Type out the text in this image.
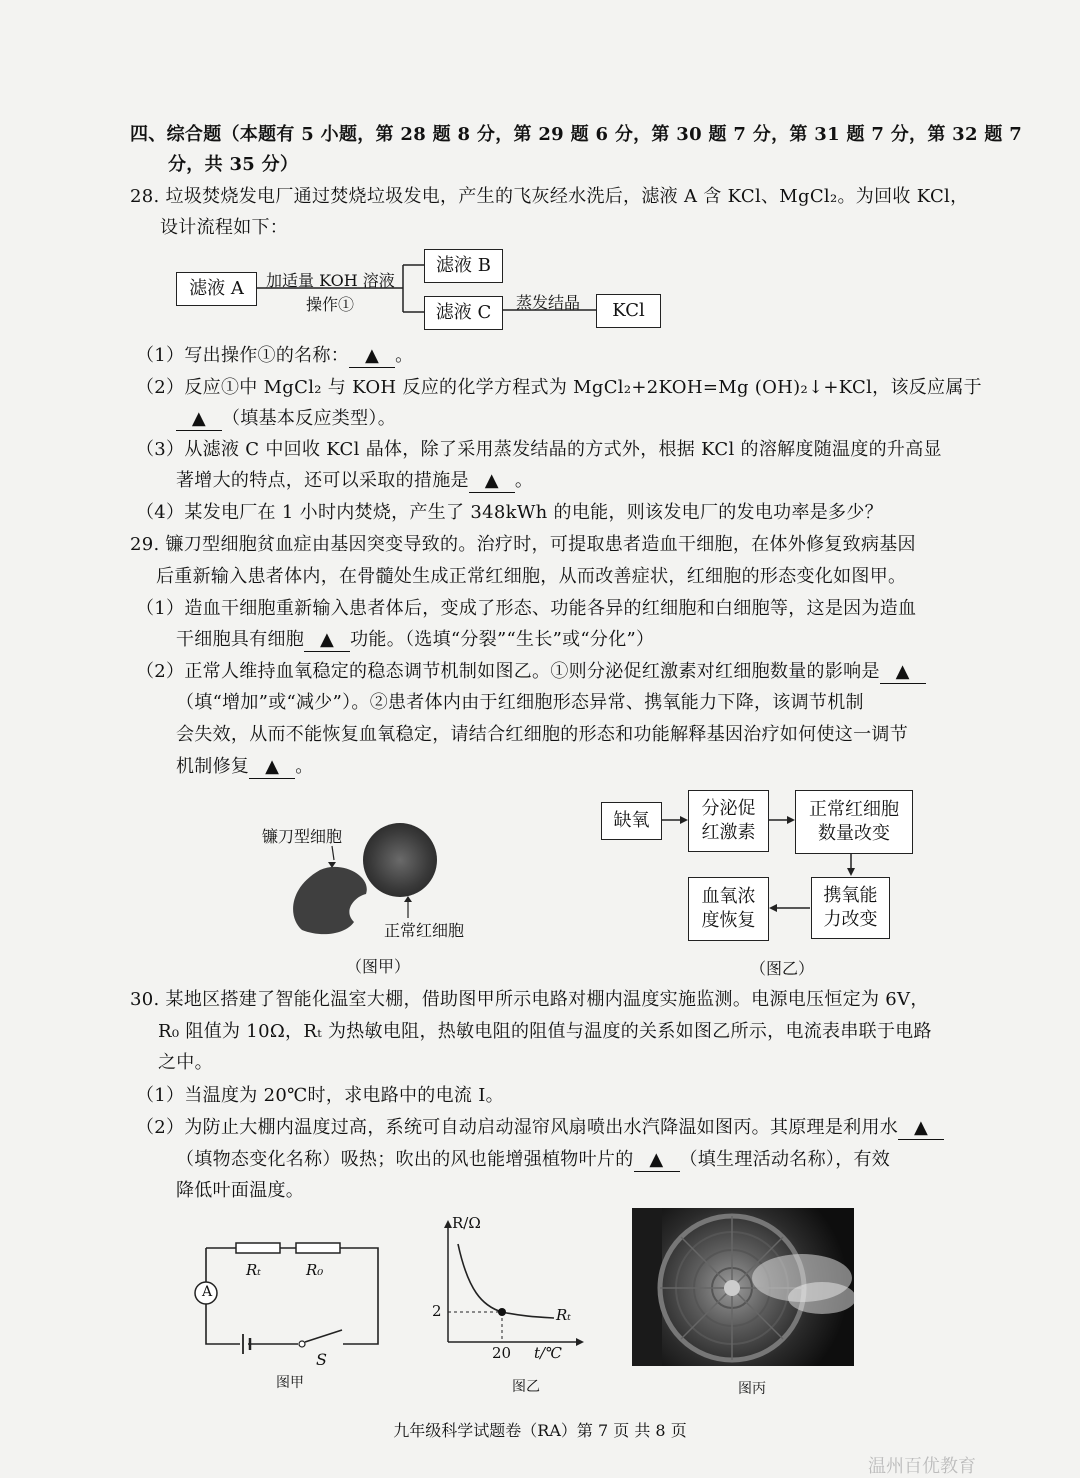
四、综合题（本题有 5 小题，第 28 题 8 分，第 29 题 6 分，第 30 题 7 分，第 31 题 7 分，第 32 题 7
分，共 35 分）
28. 垃圾焚烧发电厂通过焚烧垃圾发电，产生的飞灰经水洗后，滤液 A 含 KCl、MgCl₂。为回收 KCl，
设计流程如下：
滤液 A	加适量 KOH 溶液
操作①
滤液 B
滤液 C	蒸发结晶	KCl
（1）写出操作①的名称： ▲ 。
（2）反应①中 MgCl₂ 与 KOH 反应的化学方程式为 MgCl₂+2KOH=Mg (OH)₂↓+KCl，该反应属于
▲ （填基本反应类型）。
（3）从滤液 C 中回收 KCl 晶体，除了采用蒸发结晶的方式外，根据 KCl 的溶解度随温度的升高显
著增大的特点，还可以采取的措施是 ▲ 。
（4）某发电厂在 1 小时内焚烧，产生了 348kWh 的电能，则该发电厂的发电功率是多少？
29. 镰刀型细胞贫血症由基因突变导致的。治疗时，可提取患者造血干细胞，在体外修复致病基因
后重新输入患者体内，在骨髓处生成正常红细胞，从而改善症状，红细胞的形态变化如图甲。
（1）造血干细胞重新输入患者体后，变成了形态、功能各异的红细胞和白细胞等，这是因为造血
干细胞具有细胞 ▲ 功能。（选填“分裂”“生长”或“分化”）
（2）正常人维持血氧稳定的稳态调节机制如图乙。①则分泌促红激素对红细胞数量的影响是 ▲
（填“增加”或“减少”）。②患者体内由于红细胞形态异常、携氧能力下降，该调节机制
会失效，从而不能恢复血氧稳定，请结合红细胞的形态和功能解释基因治疗如何使这一调节
机制修复 ▲ 。
镰刀型细胞
正常红细胞
（图甲）
缺氧
分泌促
红激素
正常红细胞
数量改变
携氧能
力改变
血氧浓
度恢复
（图乙）
30. 某地区搭建了智能化温室大棚，借助图甲所示电路对棚内温度实施监测。电源电压恒定为 6V，
R₀ 阻值为 10Ω，Rₜ 为热敏电阻，热敏电阻的阻值与温度的关系如图乙所示，电流表串联于电路
之中。
（1）当温度为 20℃时，求电路中的电流 I。
（2）为防止大棚内温度过高，系统可自动启动湿帘风扇喷出水汽降温如图丙。其原理是利用水 ▲
（填物态变化名称）吸热；吹出的风也能增强植物叶片的 ▲ （填生理活动名称），有效
降低叶面温度。
A
Rₜ	R₀
S
图甲
R/Ω
2
20 t/℃
Rₜ
图乙	图丙
九年级科学试题卷（RA）第 7 页 共 8 页
温州百优教育
